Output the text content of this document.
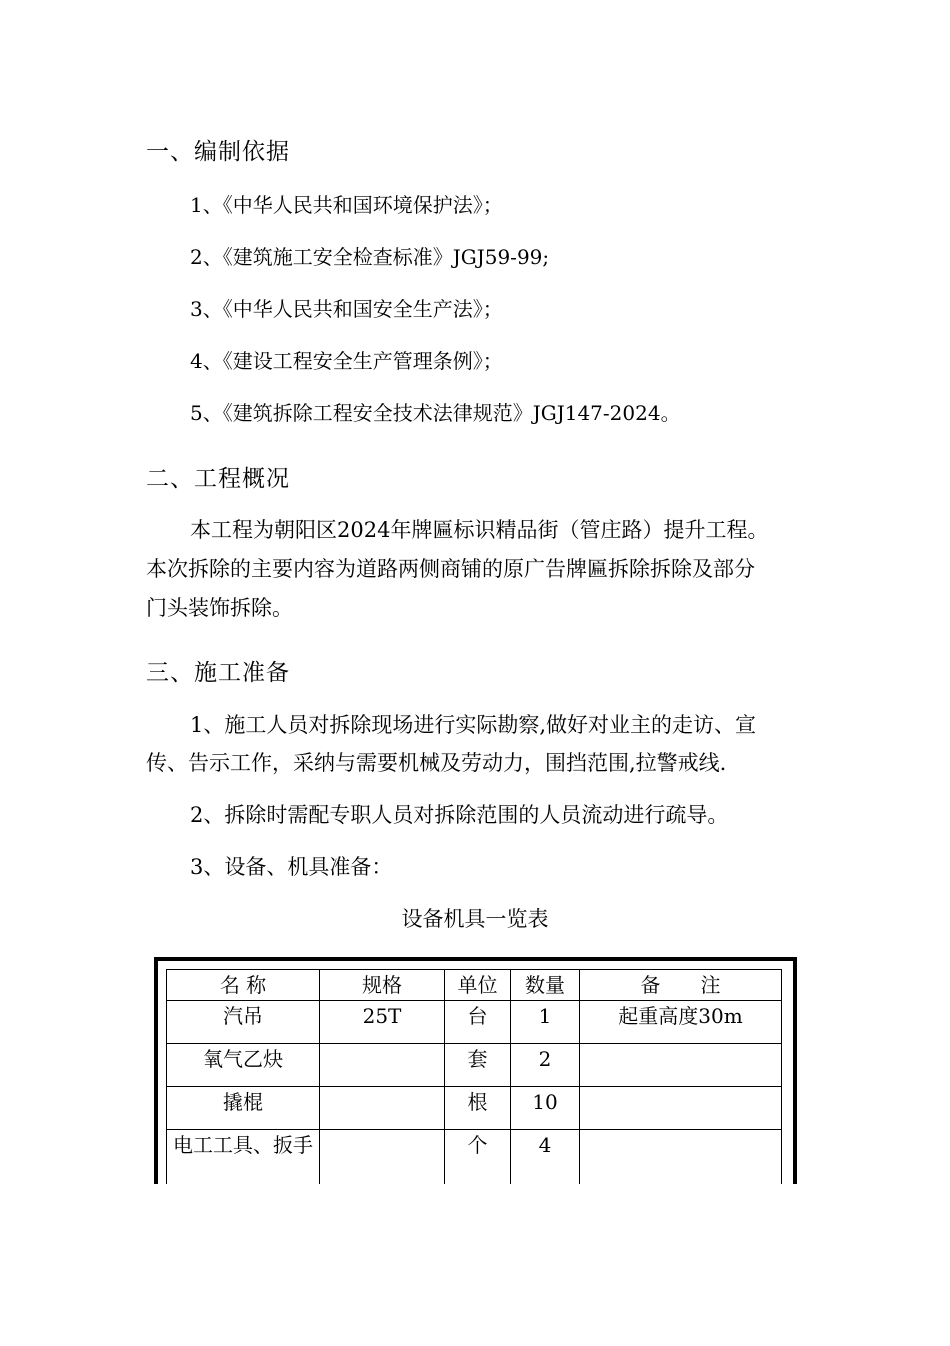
一、编制依据
1、《中华人民共和国环境保护法》；
2、《建筑施工安全检查标准》JGJ59-99;
3、《中华人民共和国安全生产法》；
4、《建设工程安全生产管理条例》；
5、《建筑拆除工程安全技术法律规范》JGJ147-2024。
二、工程概况
本工程为朝阳区2024年牌匾标识精品街（管庄路）提升工程。
本次拆除的主要内容为道路两侧商铺的原广告牌匾拆除拆除及部分
门头装饰拆除。
三、施工准备
1、施工人员对拆除现场进行实际勘察,做好对业主的走访、宣
传、告示工作，采纳与需要机械及劳动力，围挡范围,拉警戒线.
2、拆除时需配专职人员对拆除范围的人员流动进行疏导。
3、设备、机具准备：
设备机具一览表
名 称	规格	单位	数量	备　　注
汽吊	25T	台	1	起重高度30m
氧气乙炔		套	2	
撬棍		根	10	
电工工具、扳手		个	4	
